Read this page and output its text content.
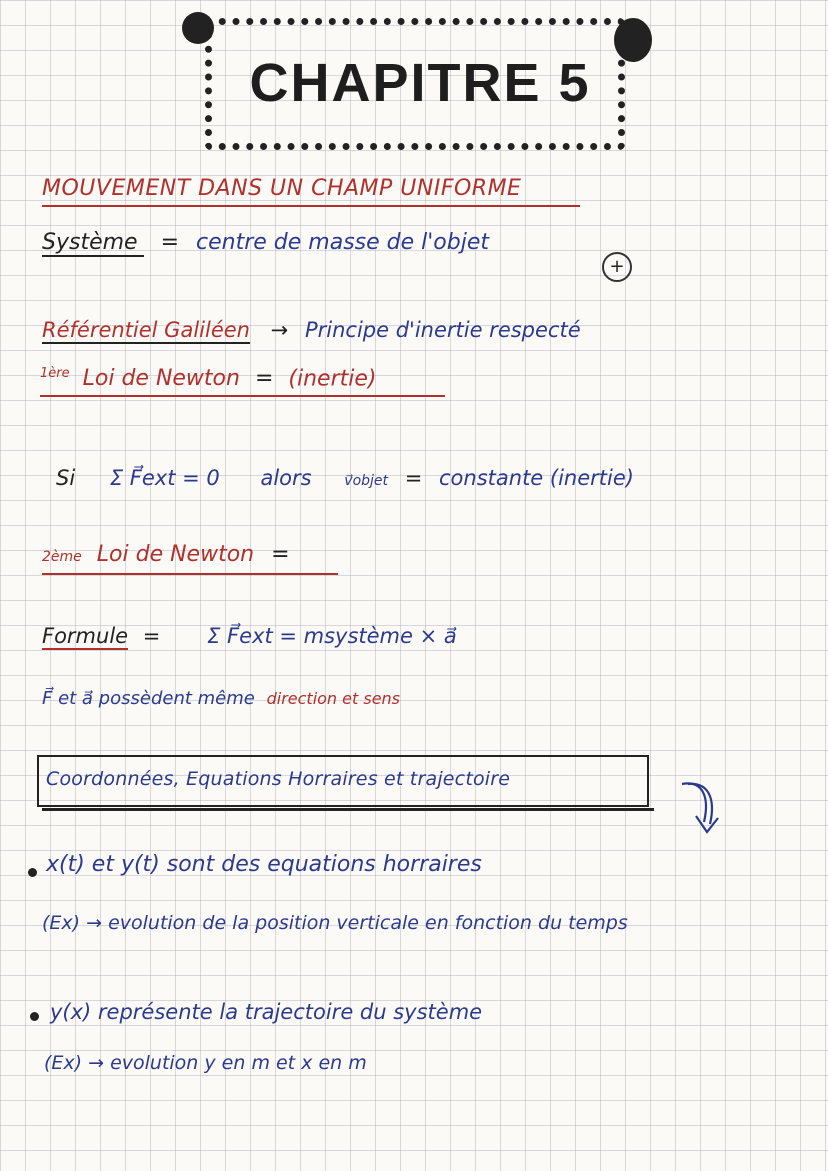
CHAPITRE 5
MOUVEMENT DANS UN CHAMP UNIFORME
Système = centre de masse de l'objet
+
Référentiel Galiléen → Principe d'inertie respecté
$^{1ère}$ Loi de Newton = (inertie)
Si Σ F⃗ext = 0 alors v⃗objet = constante (inertie)
2ème Loi de Newton =
Formule = Σ F⃗ext = msystème × a⃗
F⃗ et a⃗ possèdent même direction et sens
Coordonnées, Equations Horraires et trajectoire
x(t) et y(t) sont des equations horraires
(Ex) → evolution de la position verticale en fonction du temps
y(x) représente la trajectoire du système
(Ex) → evolution y en m et x en m
